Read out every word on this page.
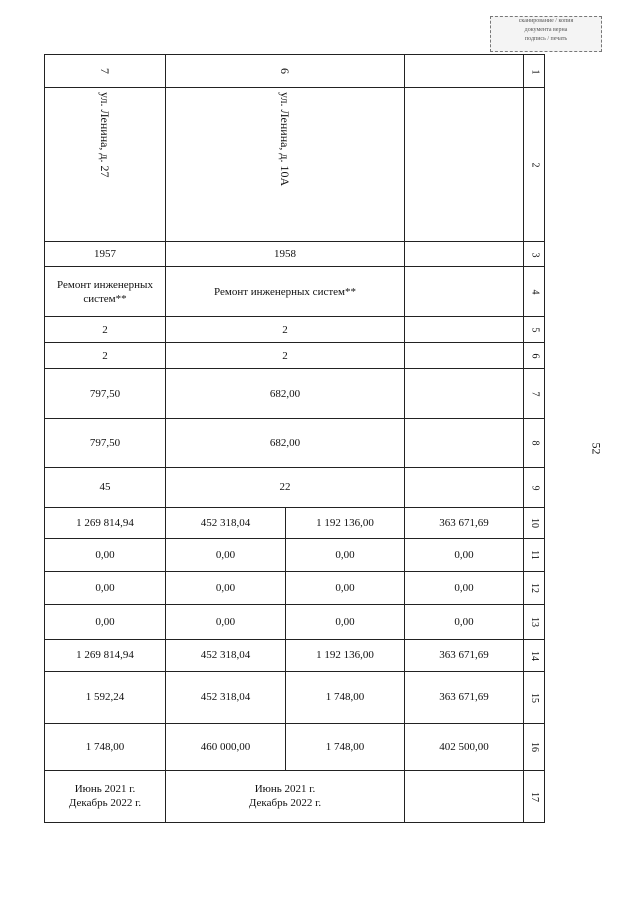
сканирование / копия
документа верна
подпись / печать
52
7	6			1

ул. Ленина, д. 27	ул. Ленина, д. 10А			2
1957	1958			3
Ремонт инженерных систем**	Ремонт инженерных систем**			4
2	2			5
2	2			6
797,50	682,00			7
797,50	682,00			8
45	22			9
1 269 814,94	452 318,04	1 192 136,00	363 671,69	10
0,00	0,00	0,00	0,00	11
0,00	0,00	0,00	0,00	12
0,00	0,00	0,00	0,00	13
1 269 814,94	452 318,04	1 192 136,00	363 671,69	14
1 592,24	452 318,04	1 748,00	363 671,69	15
1 748,00	460 000,00	1 748,00	402 500,00	16
Июнь 2021 г.
Декабрь 2022 г.	Июнь 2021 г.
Декабрь 2022 г.			17
